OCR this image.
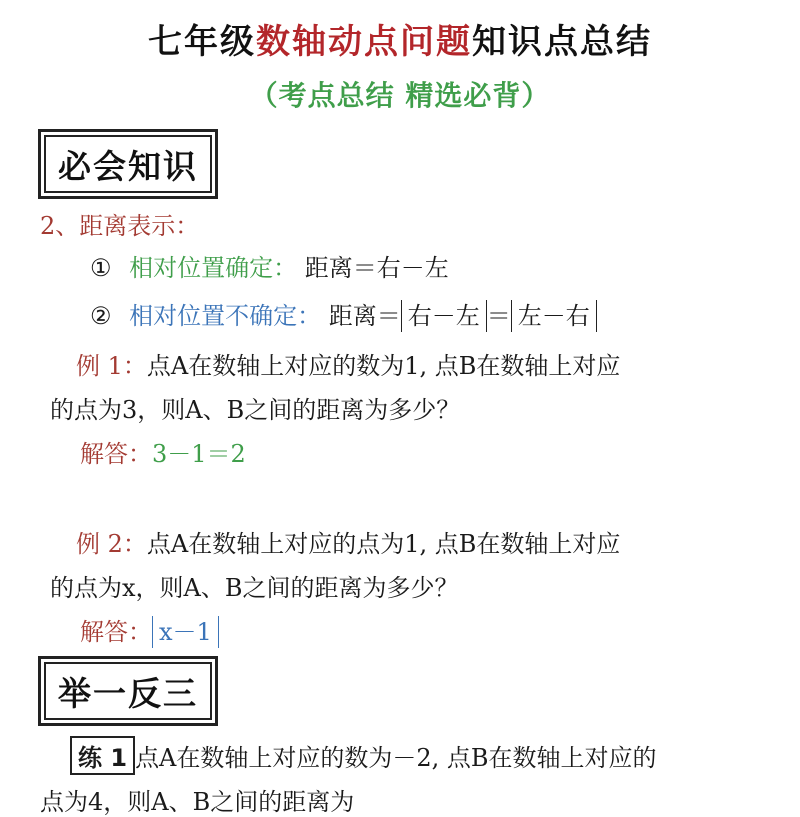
七年级数轴动点问题知识点总结
（考点总结 精选必背）
必会知识
2、距离表示：
① 相对位置确定： 距离＝右－左
② 相对位置不确定： 距离＝ 右－左 ＝ 左－右
例 1：点A在数轴上对应的数为1, 点B在数轴上对应
的点为3，则A、B之间的距离为多少？
解答：3－1＝2
例 2：点A在数轴上对应的点为1, 点B在数轴上对应
的点为x，则A、B之间的距离为多少？
解答： x－1
举一反三
练 1 点A在数轴上对应的数为－2, 点B在数轴上对应的
点为4，则A、B之间的距离为
